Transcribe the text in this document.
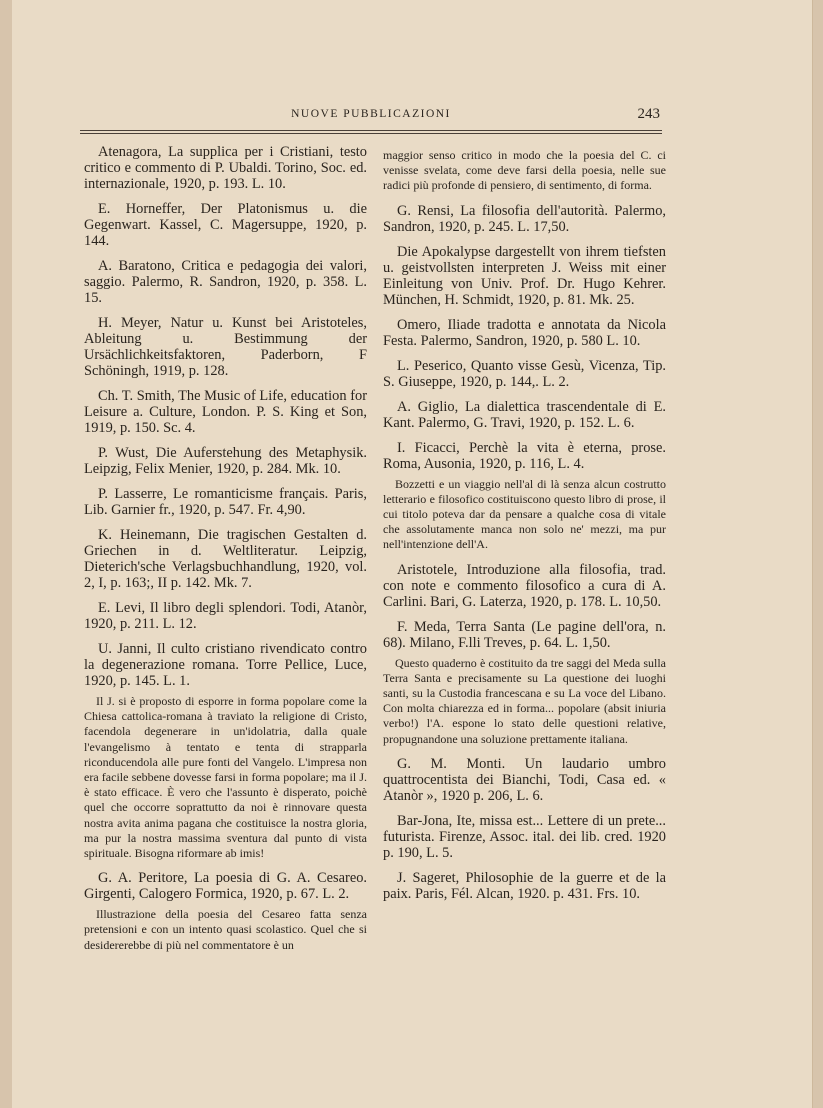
NUOVE PUBBLICAZIONI	243

Atenagora, La supplica per i Cristiani, testo critico e commento di P. Ubaldi. Torino, Soc. ed. internazionale, 1920, p. 193. L. 10.

E. Horneffer, Der Platonismus u. die Gegenwart. Kassel, C. Magersuppe, 1920, p. 144.

A. Baratono, Critica e pedagogia dei valori, saggio. Palermo, R. Sandron, 1920, p. 358. L. 15.

H. Meyer, Natur u. Kunst bei Aristoteles, Ableitung u. Bestimmung der Ursächlichkeitsfaktoren, Paderborn, F Schöningh, 1919, p. 128.

Ch. T. Smith, The Music of Life, education for Leisure a. Culture, London. P. S. King et Son, 1919, p. 150. Sc. 4.

P. Wust, Die Auferstehung des Metaphysik. Leipzig, Felix Menier, 1920, p. 284. Mk. 10.

P. Lasserre, Le romanticisme français. Paris, Lib. Garnier fr., 1920, p. 547. Fr. 4,90.

K. Heinemann, Die tragischen Gestalten d. Griechen in d. Weltliteratur. Leipzig, Dieterich'sche Verlagsbuchhandlung, 1920, vol. 2, I, p. 163;, II p. 142. Mk. 7.

E. Levi, Il libro degli splendori. Todi, Atanòr, 1920, p. 211. L. 12.

U. Janni, Il culto cristiano rivendicato contro la degenerazione romana. Torre Pellice, Luce, 1920, p. 145. L. 1.

Il J. si è proposto di esporre in forma popolare come la Chiesa cattolica-romana à traviato la religione di Cristo, facendola degenerare in un'idolatria, dalla quale l'evangelismo à tentato e tenta di strapparla riconducendola alle pure fonti del Vangelo. L'impresa non era facile sebbene dovesse farsi in forma popolare; ma il J. è stato efficace. È vero che l'assunto è disperato, poichè quel che occorre soprattutto da noi è rinnovare questa nostra avita anima pagana che costituisce la nostra gloria, ma pur la nostra massima sventura dal punto di vista spirituale. Bisogna riformare ab imis!

G. A. Peritore, La poesia di G. A. Cesareo. Girgenti, Calogero Formica, 1920, p. 67. L. 2.

Illustrazione della poesia del Cesareo fatta senza pretensioni e con un intento quasi scolastico. Quel che si desidererebbe di più nel commentatore è un

maggior senso critico in modo che la poesia del C. ci venisse svelata, come deve farsi della poesia, nelle sue radici più profonde di pensiero, di sentimento, di forma.

G. Rensi, La filosofia dell'autorità. Palermo, Sandron, 1920, p. 245. L. 17,50.

Die Apokalypse dargestellt von ihrem tiefsten u. geistvollsten interpreten J. Weiss mit einer Einleitung von Univ. Prof. Dr. Hugo Kehrer. München, H. Schmidt, 1920, p. 81. Mk. 25.

Omero, Iliade tradotta e annotata da Nicola Festa. Palermo, Sandron, 1920, p. 580 L. 10.

L. Peserico, Quanto visse Gesù, Vicenza, Tip. S. Giuseppe, 1920, p. 144,. L. 2.

A. Giglio, La dialettica trascendentale di E. Kant. Palermo, G. Travi, 1920, p. 152. L. 6.

I. Ficacci, Perchè la vita è eterna, prose. Roma, Ausonia, 1920, p. 116, L. 4.

Bozzetti e un viaggio nell'al di là senza alcun costrutto letterario e filosofico costituiscono questo libro di prose, il cui titolo poteva dar da pensare a qualche cosa di vitale che assolutamente manca non solo ne' mezzi, ma pur nell'intenzione dell'A.

Aristotele, Introduzione alla filosofia, trad. con note e commento filosofico a cura di A. Carlini. Bari, G. Laterza, 1920, p. 178. L. 10,50.

F. Meda, Terra Santa (Le pagine dell'ora, n. 68). Milano, F.lli Treves, p. 64. L. 1,50.

Questo quaderno è costituito da tre saggi del Meda sulla Terra Santa e precisamente su La questione dei luoghi santi, su la Custodia francescana e su La voce del Libano. Con molta chiarezza ed in forma... popolare (absit iniuria verbo!) l'A. espone lo stato delle questioni relative, propugnandone una soluzione prettamente italiana.

G. M. Monti. Un laudario umbro quattrocentista dei Bianchi, Todi, Casa ed. « Atanòr », 1920 p. 206, L. 6.

Bar-Jona, Ite, missa est... Lettere di un prete... futurista. Firenze, Assoc. ital. dei lib. cred. 1920 p. 190, L. 5.

J. Sageret, Philosophie de la guerre et de la paix. Paris, Fél. Alcan, 1920. p. 431. Frs. 10.
